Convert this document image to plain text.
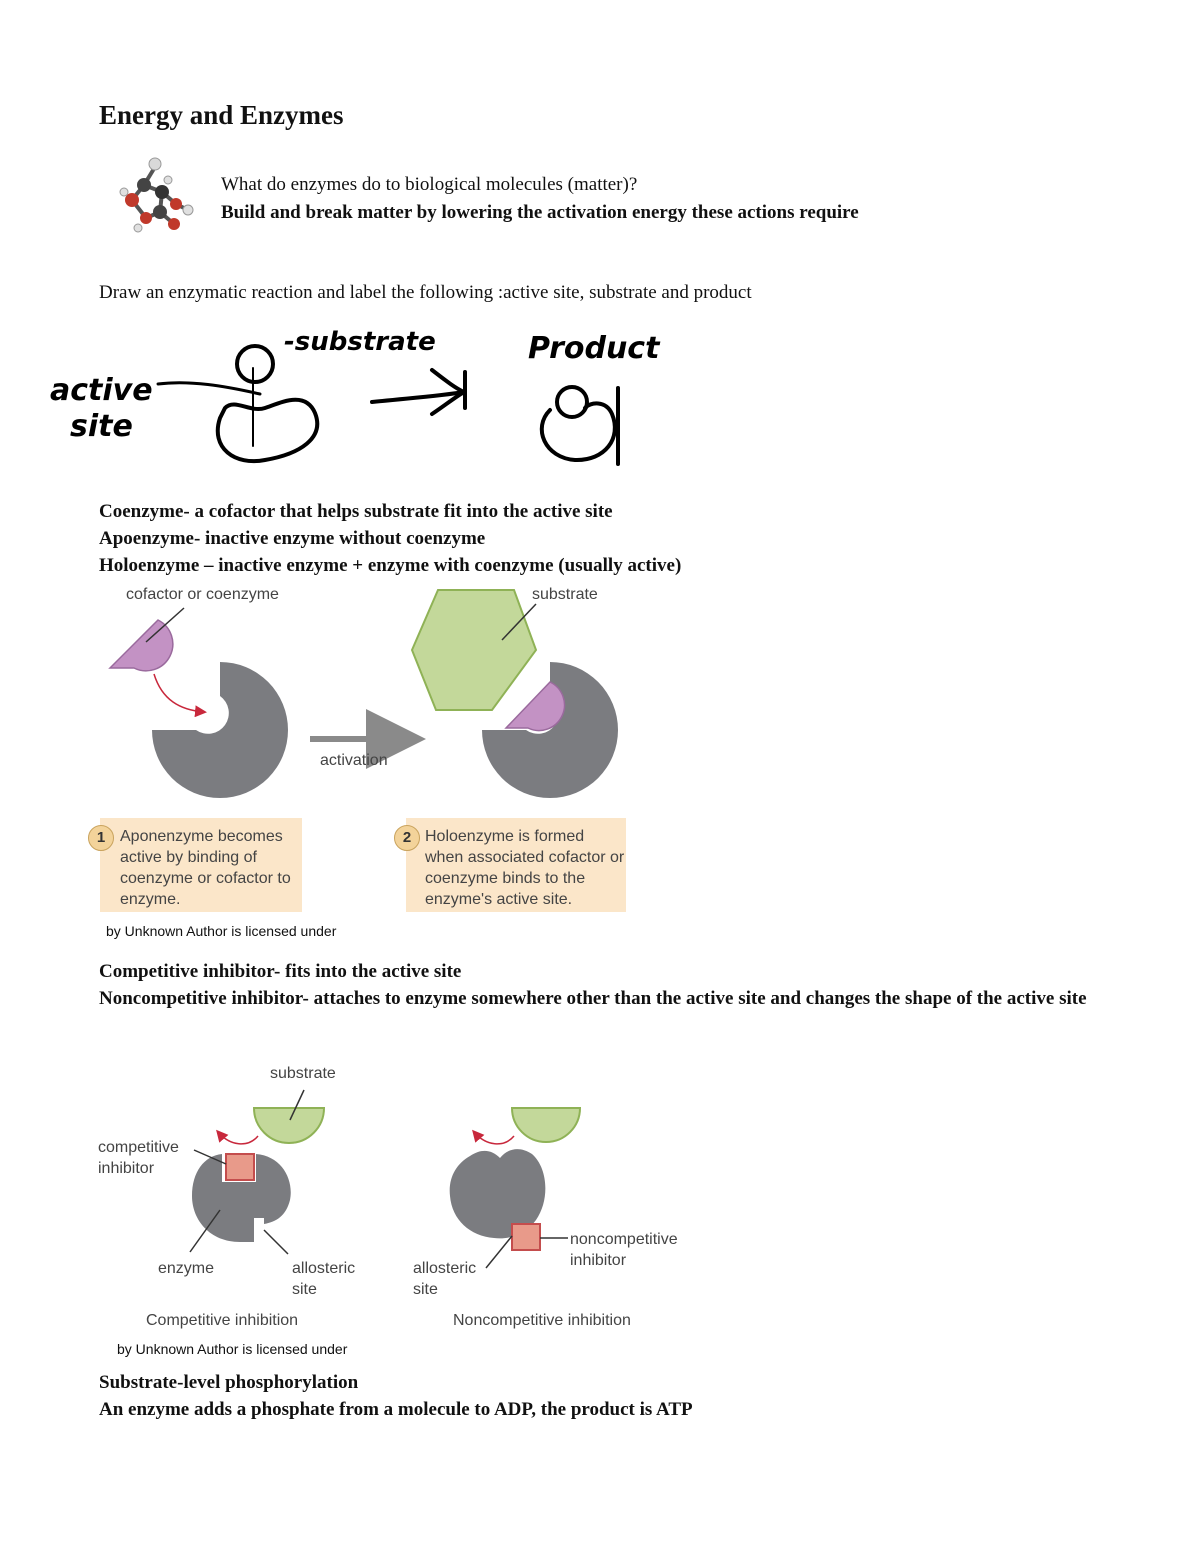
Energy and Enzymes
What do enzymes do to biological molecules (matter)?
Build and break matter by lowering the activation energy these actions require
Draw an enzymatic reaction and label the following :active site, substrate and product
active
site
-substrate	Product
Coenzyme- a cofactor that helps substrate fit into the active site
Apoenzyme- inactive enzyme without coenzyme
Holoenzyme – inactive enzyme + enzyme with coenzyme (usually active)
cofactor or coenzyme	substrate
activation
1 Aponenzyme becomes active by binding of coenzyme or cofactor to enzyme.
2 Holoenzyme is formed when associated cofactor or coenzyme binds to the enzyme's active site.
by Unknown Author is licensed under
Competitive inhibitor- fits into the active site
Noncompetitive inhibitor- attaches to enzyme somewhere other than the active site and changes the shape of the active site
substrate
competitive
inhibitor
enzyme	allosteric
site
allosteric
site
noncompetitive
inhibitor
Competitive inhibition	Noncompetitive inhibition
by Unknown Author is licensed under
Substrate-level phosphorylation
An enzyme adds a phosphate from a molecule to ADP, the product is ATP
